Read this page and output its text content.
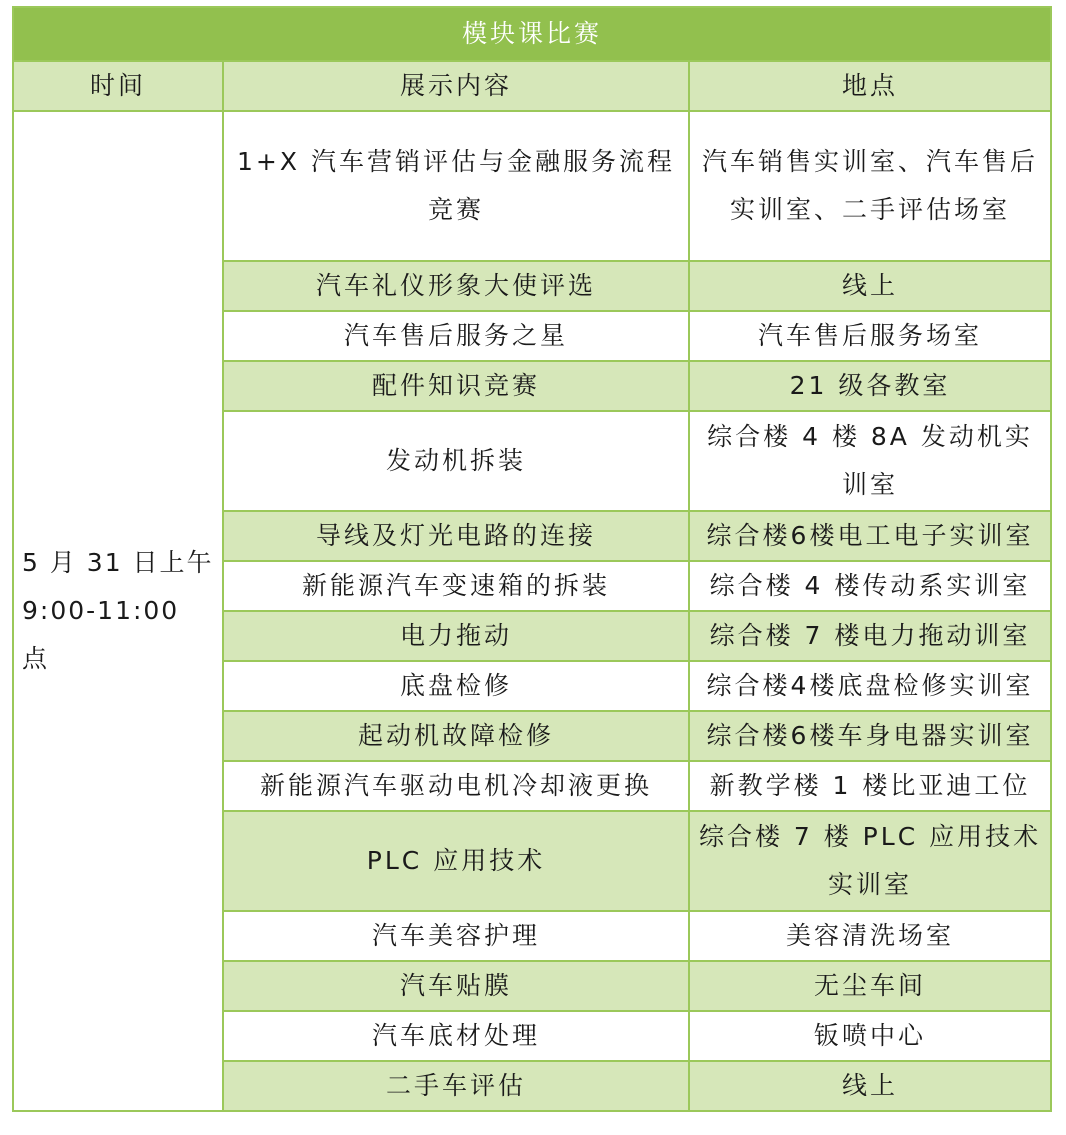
模块课比赛		
时间	展示内容	地点

5 月 31 日上午
9:00-11:00 点	1+X 汽车营销评估与金融服务流程竞赛	汽车销售实训室、汽车售后实训室、二手评估场室
	汽车礼仪形象大使评选	线上
	汽车售后服务之星	汽车售后服务场室
	配件知识竞赛	21 级各教室
	发动机拆装	综合楼 4 楼 8A 发动机实训室
	导线及灯光电路的连接	综合楼6楼电工电子实训室
	新能源汽车变速箱的拆装	综合楼 4 楼传动系实训室
	电力拖动	综合楼 7 楼电力拖动训室
	底盘检修	综合楼4楼底盘检修实训室
	起动机故障检修	综合楼6楼车身电器实训室
	新能源汽车驱动电机冷却液更换	新教学楼 1 楼比亚迪工位
	PLC 应用技术	综合楼 7 楼 PLC 应用技术实训室
	汽车美容护理	美容清洗场室
	汽车贴膜	无尘车间
	汽车底材处理	钣喷中心
	二手车评估	线上
